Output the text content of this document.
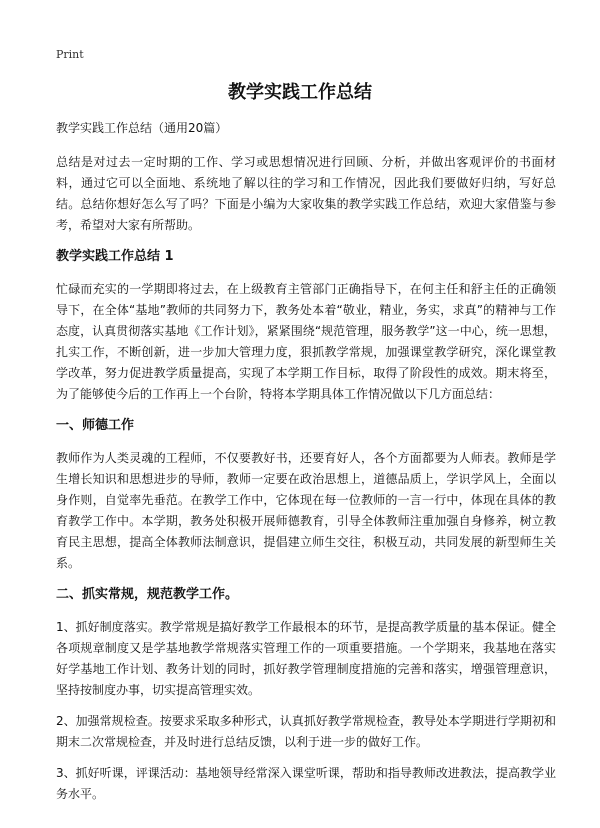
Print
教学实践工作总结

教学实践工作总结（通用20篇）

总结是对过去一定时期的工作、学习或思想情况进行回顾、分析，并做出客观评价的书面材料，通过它可以全面地、系统地了解以往的学习和工作情况，因此我们要做好归纳，写好总结。总结你想好怎么写了吗？下面是小编为大家收集的教学实践工作总结，欢迎大家借鉴与参考，希望对大家有所帮助。

教学实践工作总结 1

忙碌而充实的一学期即将过去，在上级教育主管部门正确指导下，在何主任和舒主任的正确领导下，在全体“基地”教师的共同努力下，教务处本着“敬业，精业，务实，求真”的精神与工作态度，认真贯彻落实基地《工作计划》，紧紧围绕“规范管理，服务教学”这一中心，统一思想，扎实工作，不断创新，进一步加大管理力度，狠抓教学常规，加强课堂教学研究，深化课堂教学改革，努力促进教学质量提高，实现了本学期工作目标，取得了阶段性的成效。期末将至，为了能够使今后的工作再上一个台阶，特将本学期具体工作情况做以下几方面总结：

一、师德工作

教师作为人类灵魂的工程师，不仅要教好书，还要育好人，各个方面都要为人师表。教师是学生增长知识和思想进步的导师，教师一定要在政治思想上，道德品质上，学识学风上，全面以身作则，自觉率先垂范。在教学工作中，它体现在每一位教师的一言一行中，体现在具体的教育教学工作中。本学期，教务处积极开展师德教育，引导全体教师注重加强自身修养，树立教育民主思想，提高全体教师法制意识，提倡建立师生交往，积极互动，共同发展的新型师生关系。

二、抓实常规，规范教学工作。

1、抓好制度落实。教学常规是搞好教学工作最根本的环节，是提高教学质量的基本保证。健全各项规章制度又是学基地教学常规落实管理工作的一项重要措施。一个学期来，我基地在落实好学基地工作计划、教务计划的同时，抓好教学管理制度措施的完善和落实，增强管理意识，坚持按制度办事，切实提高管理实效。

2、加强常规检查。按要求采取多种形式，认真抓好教学常规检查，教导处本学期进行学期初和期末二次常规检查，并及时进行总结反馈，以利于进一步的做好工作。

3、抓好听课，评课活动：基地领导经常深入课堂听课，帮助和指导教师改进教法，提高教学业务水平。
